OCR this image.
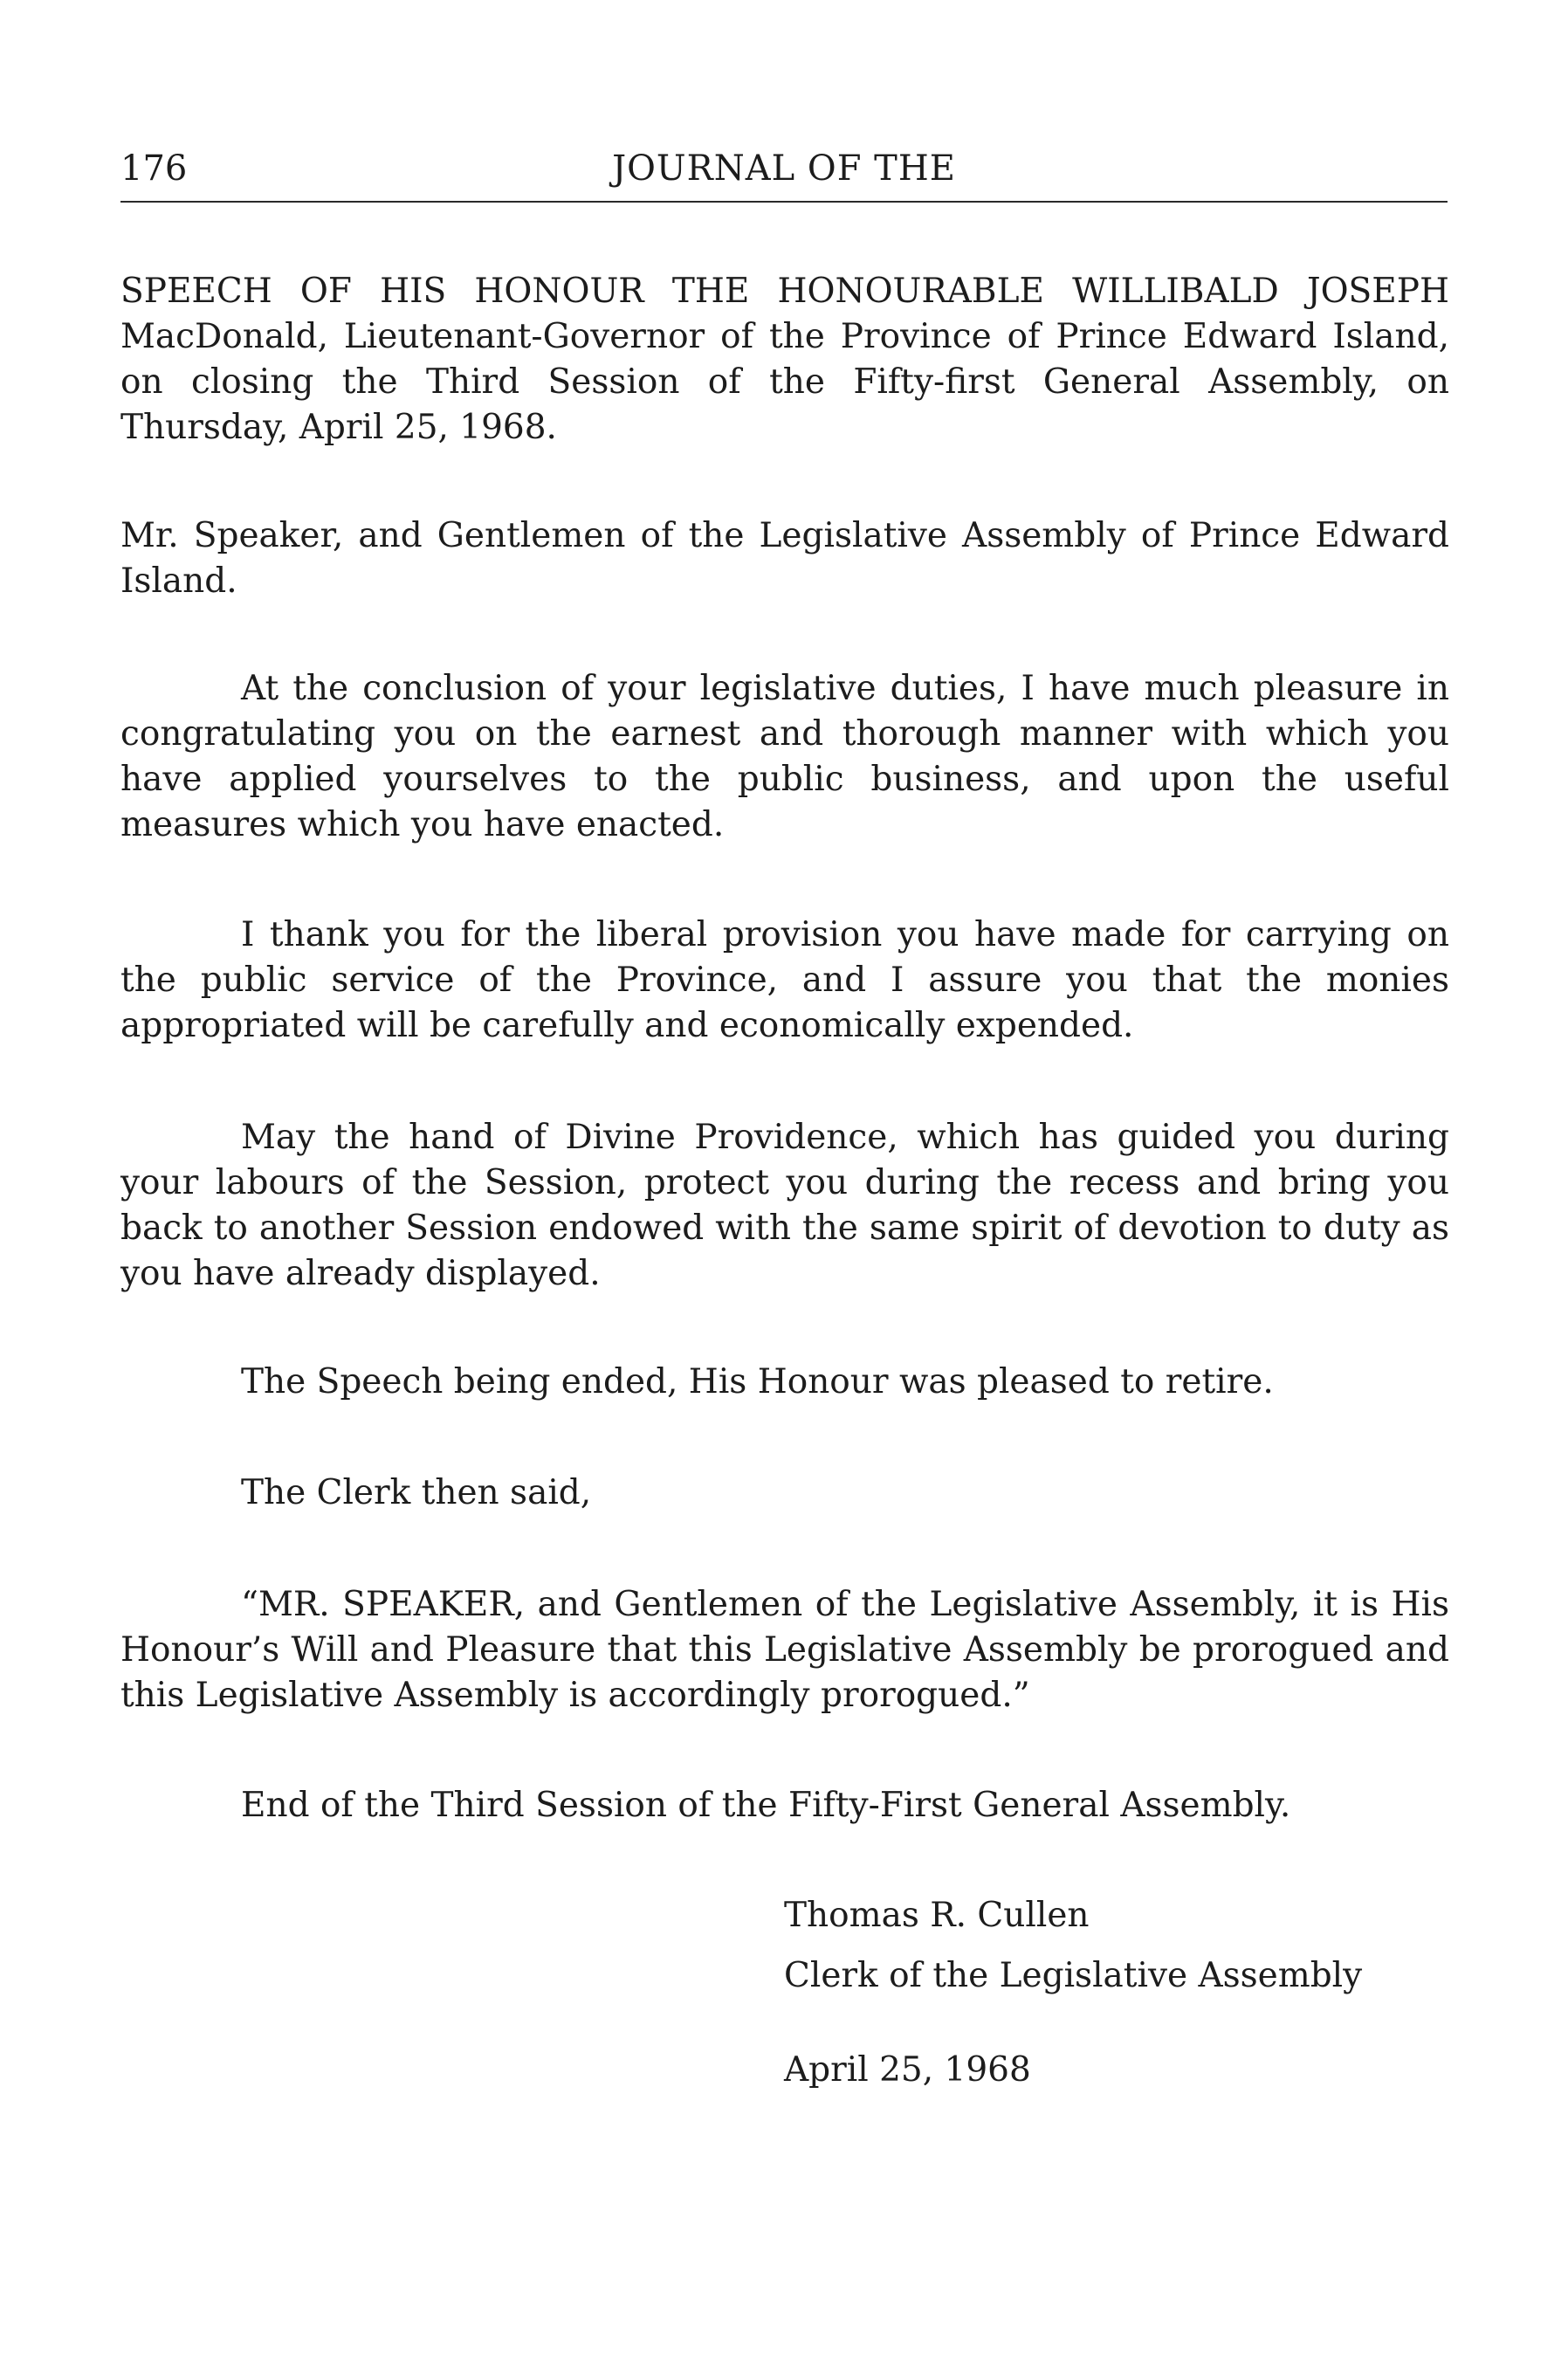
176	JOURNAL OF THE

SPEECH OF HIS HONOUR THE HONOURABLE WILLIBALD JOSEPH MacDonald, Lieutenant-Governor of the Province of Prince Edward Island, on closing the Third Session of the Fifty-first General Assembly, on Thursday, April 25, 1968.

Mr. Speaker, and Gentlemen of the Legislative Assembly of Prince Edward Island.

At the conclusion of your legislative duties, I have much pleasure in congratulating you on the earnest and thorough manner with which you have applied yourselves to the public business, and upon the useful measures which you have enacted.

I thank you for the liberal provision you have made for carrying on the public service of the Province, and I assure you that the monies appropriated will be carefully and economically expended.

May the hand of Divine Providence, which has guided you during your labours of the Session, protect you during the recess and bring you back to another Session endowed with the same spirit of devotion to duty as you have already displayed.

The Speech being ended, His Honour was pleased to retire.

The Clerk then said,

“MR. SPEAKER, and Gentlemen of the Legislative Assembly, it is His Honour’s Will and Pleasure that this Legislative Assembly be prorogued and this Legislative Assembly is accordingly prorogued.”

End of the Third Session of the Fifty-First General Assembly.

Thomas R. Cullen

Clerk of the Legislative Assembly

April 25, 1968
